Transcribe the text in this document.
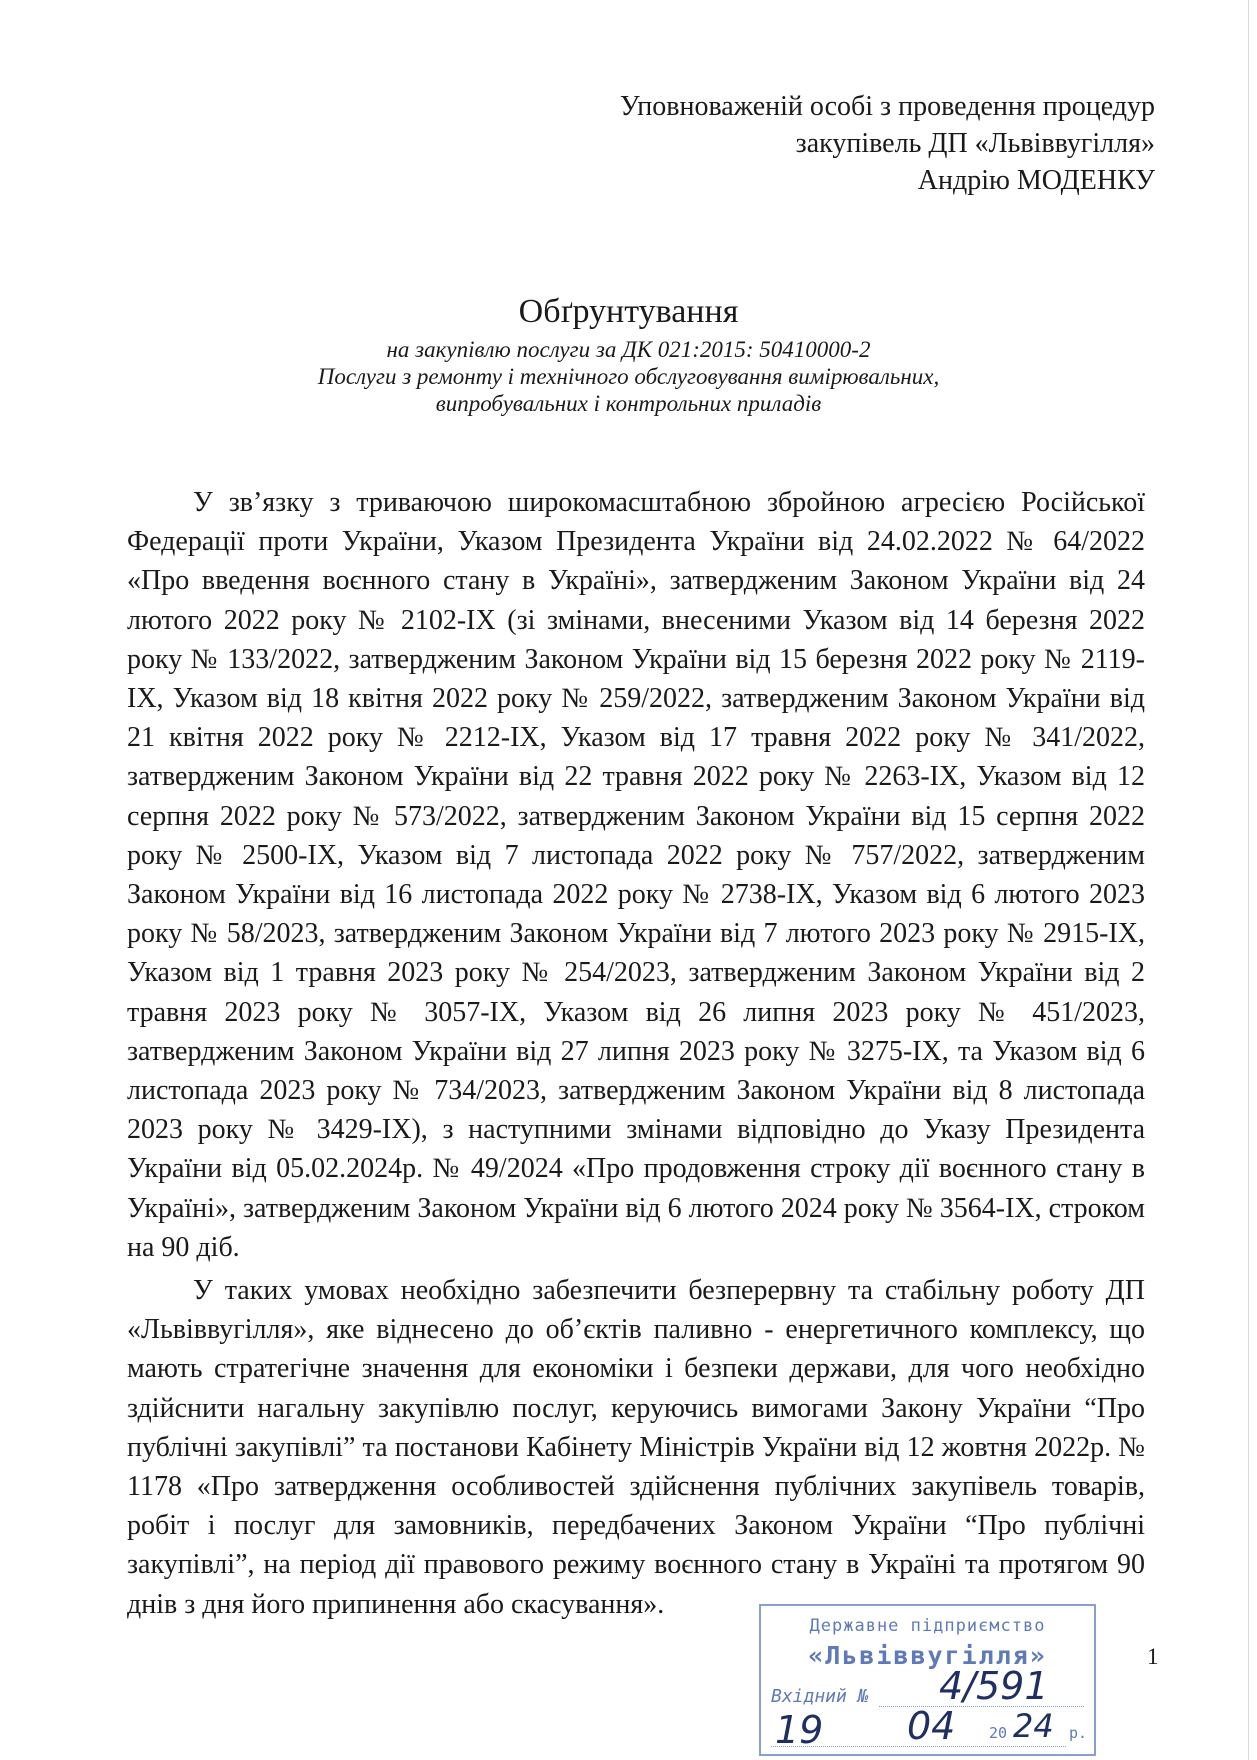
Уповноваженій особі з проведення процедур
закупівель ДП «Львіввугілля»
Андрію МОДЕНКУ
Обґрунтування
на закупівлю послуги за ДК 021:2015: 50410000-2
Послуги з ремонту і технічного обслуговування вимірювальних,
випробувальних і контрольних приладів

У зв’язку з триваючою широкомасштабною збройною агресією Російської Федерації проти України, Указом Президента України від 24.02.2022 № 64/2022 «Про введення воєнного стану в Україні», затвердженим Законом України від 24 лютого 2022 року № 2102-IX (зі змінами, внесеними Указом від 14 березня 2022 року № 133/2022, затвердженим Законом України від 15 березня 2022 року № 2119-IX, Указом від 18 квітня 2022 року № 259/2022, затвердженим Законом України від 21 квітня 2022 року № 2212-IX, Указом від 17 травня 2022 року № 341/2022, затвердженим Законом України від 22 травня 2022 року № 2263-IX, Указом від 12 серпня 2022 року № 573/2022, затвердженим Законом України від 15 серпня 2022 року № 2500-IX, Указом від 7 листопада 2022 року № 757/2022, затвердженим Законом України від 16 листопада 2022 року № 2738-IX, Указом від 6 лютого 2023 року № 58/2023, затвердженим Законом України від 7 лютого 2023 року № 2915-IX, Указом від 1 травня 2023 року № 254/2023, затвердженим Законом України від 2 травня 2023 року № 3057-IX, Указом від 26 липня 2023 року № 451/2023, затвердженим Законом України від 27 липня 2023 року № 3275-IX, та Указом від 6 листопада 2023 року № 734/2023, затвердженим Законом України від 8 листопада 2023 року № 3429-IX), з наступними змінами відповідно до Указу Президента України від 05.02.2024р. № 49/2024 «Про продовження строку дії воєнного стану в Україні», затвердженим Законом України від 6 лютого 2024 року № 3564-IX, строком на 90 діб.

У таких умовах необхідно забезпечити безперервну та стабільну роботу ДП «Львіввугілля», яке віднесено до об’єктів паливно - енергетичного комплексу, що мають стратегічне значення для економіки і безпеки держави, для чого необхідно здійснити нагальну закупівлю послуг, керуючись вимогами Закону України “Про публічні закупівлі” та постанови Кабінету Міністрів України від 12 жовтня 2022р. № 1178 «Про затвердження особливостей здійснення публічних закупівель товарів, робіт і послуг для замовників, передбачених Законом України “Про публічні закупівлі”, на період дії правового режиму воєнного стану в Україні та протягом 90 днів з дня його припинення або скасування».

Державне підприємство
«Львіввугілля»
Вхідний № 4/591
19 04 24
20	р.
1
